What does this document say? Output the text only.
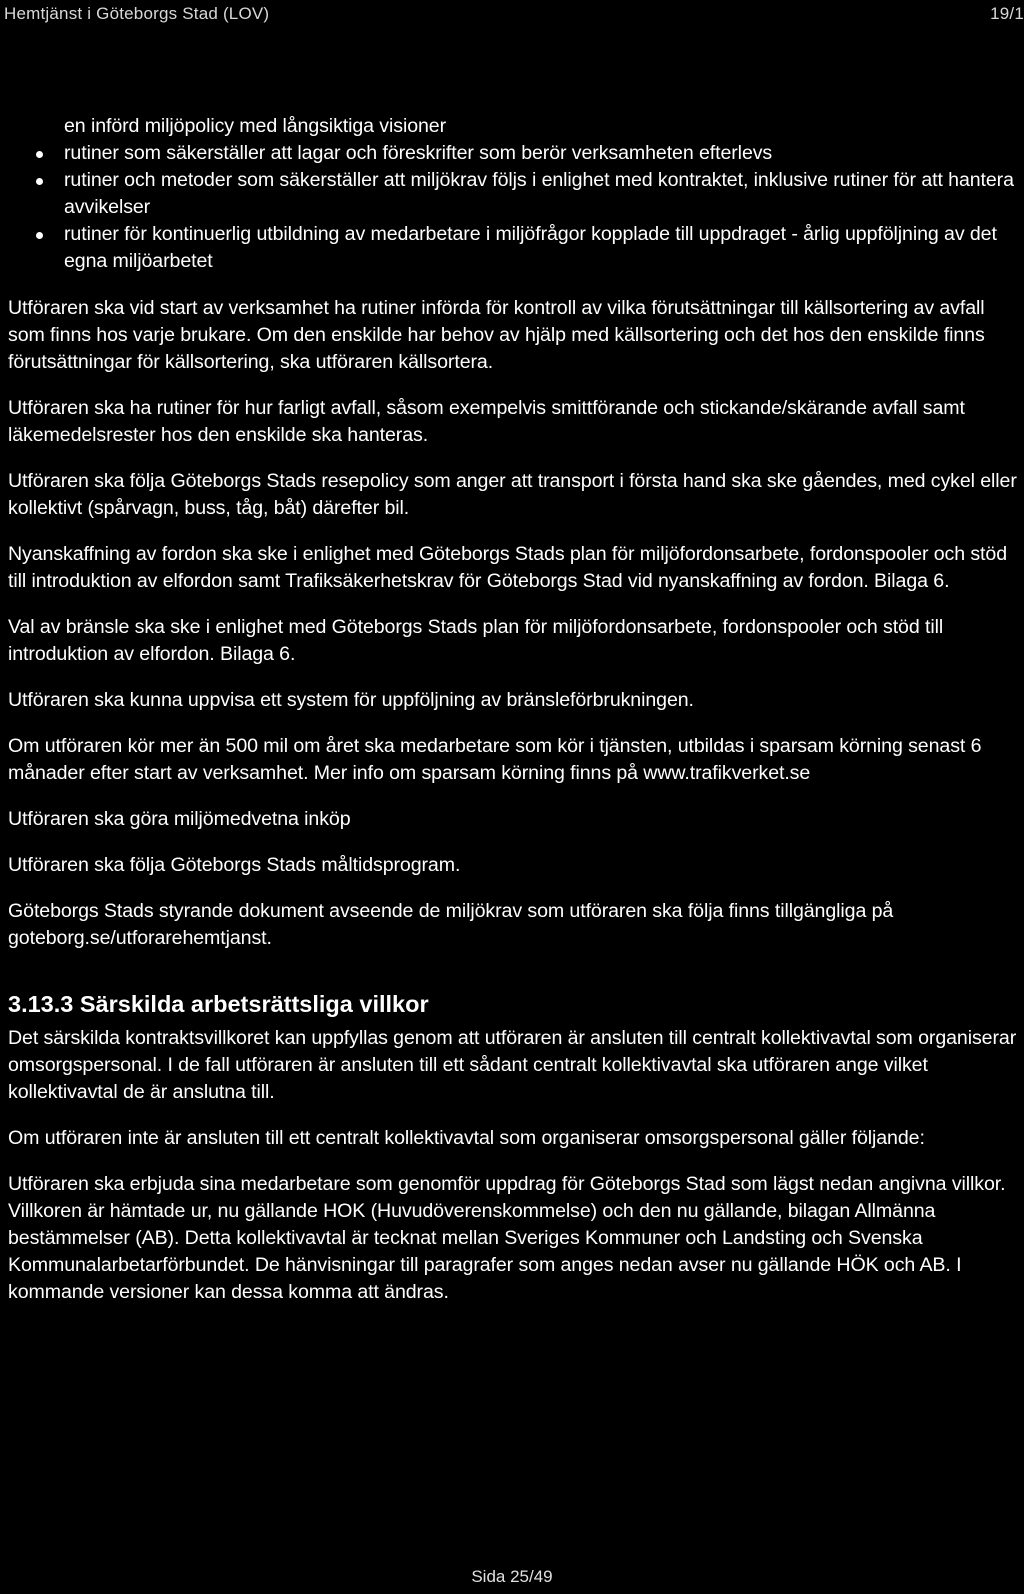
Hemtjänst i Göteborgs Stad (LOV)	19/1
en införd miljöpolicy med långsiktiga visioner
rutiner som säkerställer att lagar och föreskrifter som berör verksamheten efterlevs
rutiner och metoder som säkerställer att miljökrav följs i enlighet med kontraktet, inklusive rutiner för att hantera avvikelser
rutiner för kontinuerlig utbildning av medarbetare i miljöfrågor kopplade till uppdraget - årlig uppföljning av det egna miljöarbetet

Utföraren ska vid start av verksamhet ha rutiner införda för kontroll av vilka förutsättningar till källsortering av avfall som finns hos varje brukare. Om den enskilde har behov av hjälp med källsortering och det hos den enskilde finns förutsättningar för källsortering, ska utföraren källsortera.

Utföraren ska ha rutiner för hur farligt avfall, såsom exempelvis smittförande och stickande/skärande avfall samt läkemedelsrester hos den enskilde ska hanteras.

Utföraren ska följa Göteborgs Stads resepolicy som anger att transport i första hand ska ske gåendes, med cykel eller kollektivt (spårvagn, buss, tåg, båt) därefter bil.

Nyanskaffning av fordon ska ske i enlighet med Göteborgs Stads plan för miljöfordonsarbete, fordonspooler och stöd till introduktion av elfordon samt Trafiksäkerhetskrav för Göteborgs Stad vid nyanskaffning av fordon. Bilaga 6.

Val av bränsle ska ske i enlighet med Göteborgs Stads plan för miljöfordonsarbete, fordonspooler och stöd till introduktion av elfordon. Bilaga 6.

Utföraren ska kunna uppvisa ett system för uppföljning av bränsleförbrukningen.

Om utföraren kör mer än 500 mil om året ska medarbetare som kör i tjänsten, utbildas i sparsam körning senast 6 månader efter start av verksamhet. Mer info om sparsam körning finns på www.trafikverket.se

Utföraren ska göra miljömedvetna inköp

Utföraren ska följa Göteborgs Stads måltidsprogram.

Göteborgs Stads styrande dokument avseende de miljökrav som utföraren ska följa finns tillgängliga på goteborg.se/utforarehemtjanst.

3.13.3 Särskilda arbetsrättsliga villkor

Det särskilda kontraktsvillkoret kan uppfyllas genom att utföraren är ansluten till centralt kollektivavtal som organiserar omsorgspersonal. I de fall utföraren är ansluten till ett sådant centralt kollektivavtal ska utföraren ange vilket kollektivavtal de är anslutna till.

Om utföraren inte är ansluten till ett centralt kollektivavtal som organiserar omsorgspersonal gäller följande:

Utföraren ska erbjuda sina medarbetare som genomför uppdrag för Göteborgs Stad som lägst nedan angivna villkor. Villkoren är hämtade ur, nu gällande HOK (Huvudöverenskommelse) och den nu gällande, bilagan Allmänna bestämmelser (AB). Detta kollektivavtal är tecknat mellan Sveriges Kommuner och Landsting och Svenska Kommunalarbetarförbundet. De hänvisningar till paragrafer som anges nedan avser nu gällande HÖK och AB. I kommande versioner kan dessa komma att ändras.

Sida 25/49
